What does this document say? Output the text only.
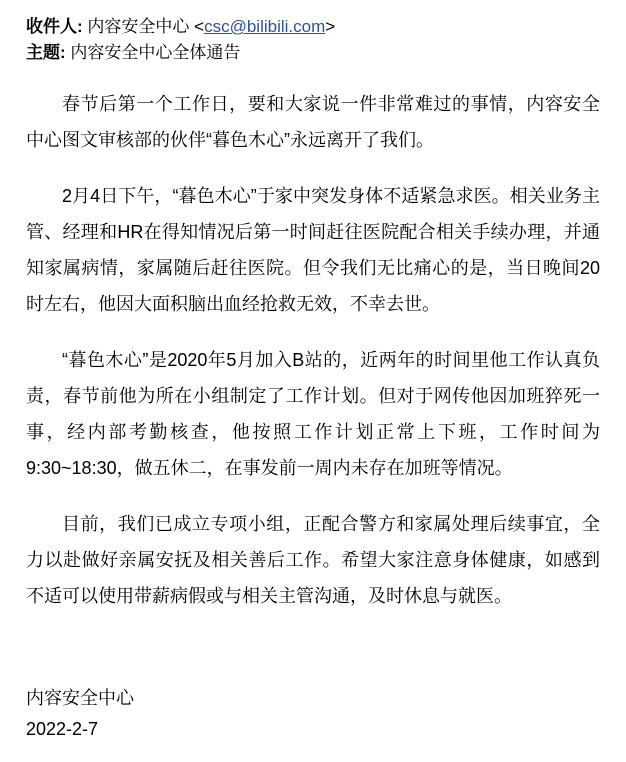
收件人: 内容安全中心 <csc@bilibili.com>
主题: 内容安全中心全体通告

春节后第一个工作日，要和大家说一件非常难过的事情，内容安全中心图文审核部的伙伴“暮色木心”永远离开了我们。

2月4日下午，“暮色木心”于家中突发身体不适紧急求医。相关业务主管、经理和HR在得知情况后第一时间赶往医院配合相关手续办理，并通知家属病情，家属随后赶往医院。但令我们无比痛心的是，当日晚间20时左右，他因大面积脑出血经抢救无效，不幸去世。

“暮色木心”是2020年5月加入B站的，近两年的时间里他工作认真负责，春节前他为所在小组制定了工作计划。但对于网传他因加班猝死一事，经内部考勤核查，他按照工作计划正常上下班，工作时间为9:30~18:30，做五休二，在事发前一周内未存在加班等情况。

目前，我们已成立专项小组，正配合警方和家属处理后续事宜，全力以赴做好亲属安抚及相关善后工作。希望大家注意身体健康，如感到不适可以使用带薪病假或与相关主管沟通，及时休息与就医。

内容安全中心
2022-2-7
